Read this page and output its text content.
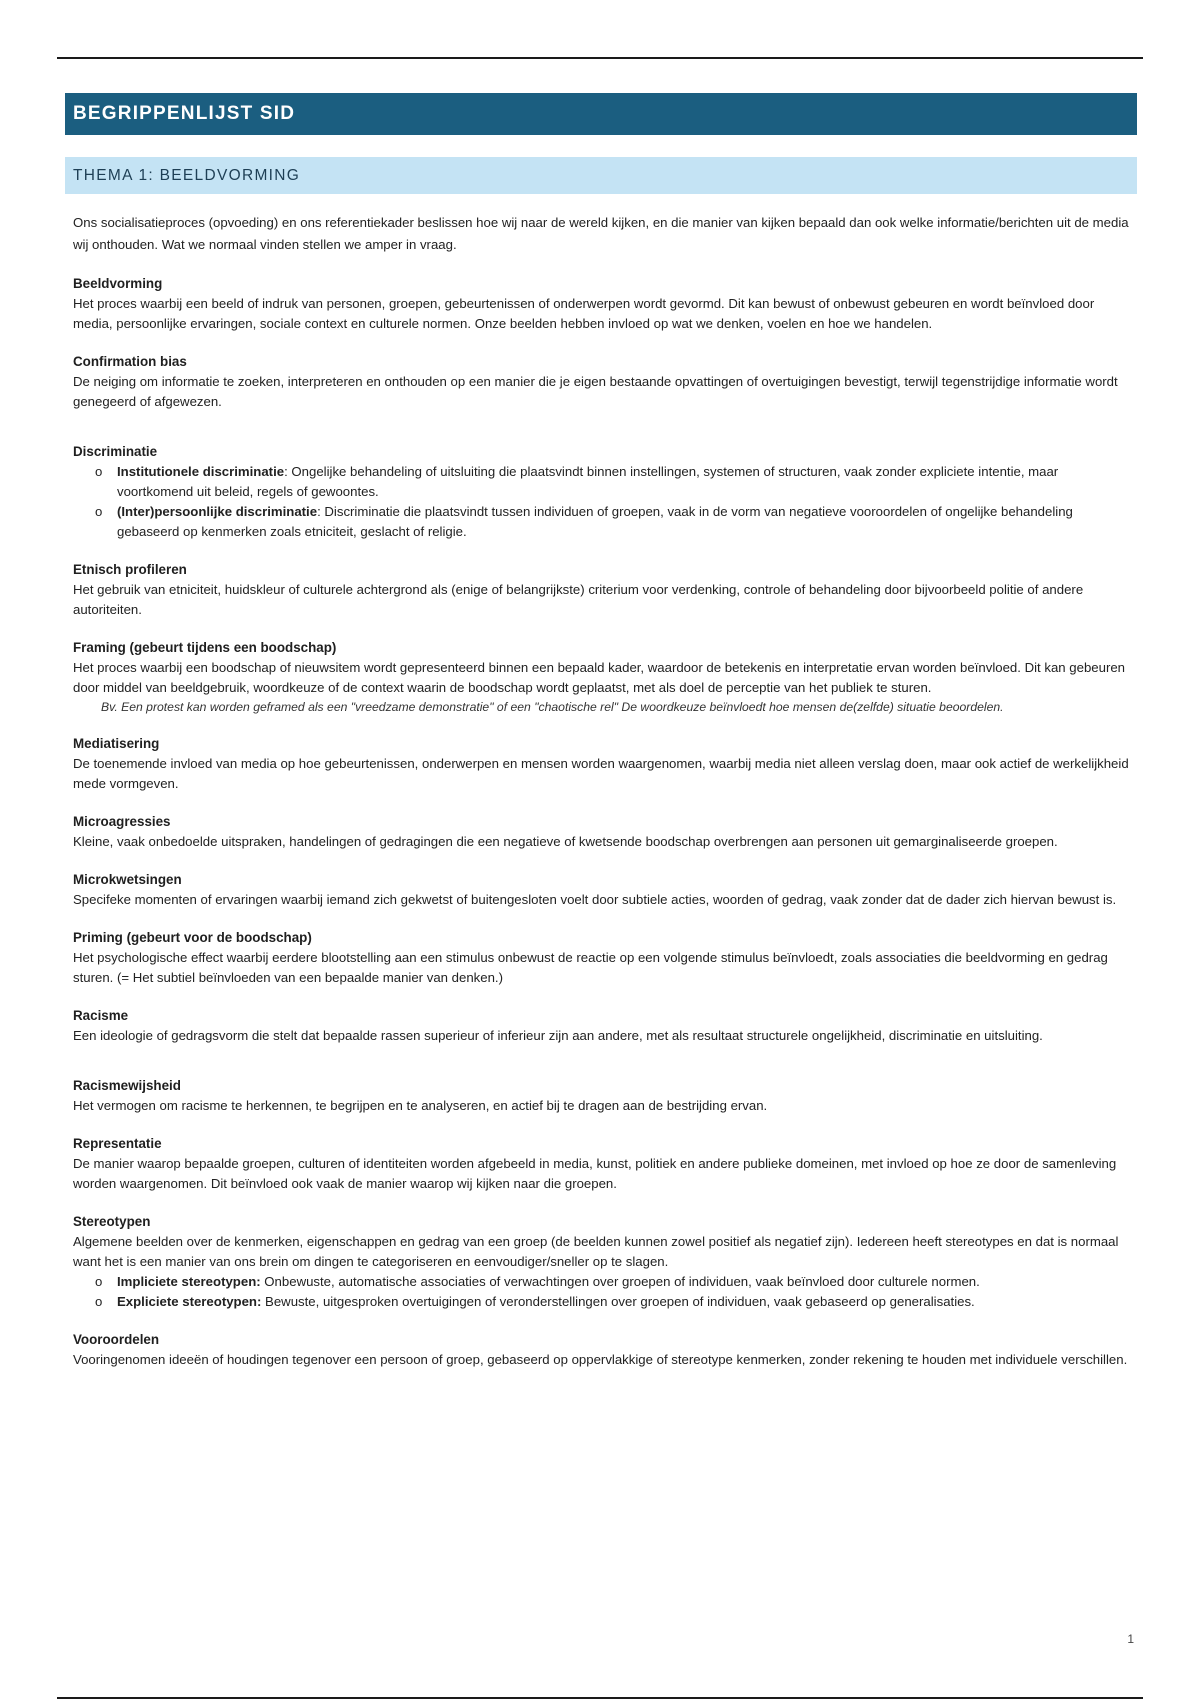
BEGRIPPENLIJST SID
THEMA 1: BEELDVORMING
Ons socialisatieproces (opvoeding) en ons referentiekader beslissen hoe wij naar de wereld kijken, en die manier van kijken bepaald dan ook welke informatie/berichten uit de media wij onthouden. Wat we normaal vinden stellen we amper in vraag.
Beeldvorming
Het proces waarbij een beeld of indruk van personen, groepen, gebeurtenissen of onderwerpen wordt gevormd. Dit kan bewust of onbewust gebeuren en wordt beïnvloed door media, persoonlijke ervaringen, sociale context en culturele normen. Onze beelden hebben invloed op wat we denken, voelen en hoe we handelen.
Confirmation bias
De neiging om informatie te zoeken, interpreteren en onthouden op een manier die je eigen bestaande opvattingen of overtuigingen bevestigt, terwijl tegenstrijdige informatie wordt genegeerd of afgewezen.
Discriminatie
o Institutionele discriminatie: Ongelijke behandeling of uitsluiting die plaatsvindt binnen instellingen, systemen of structuren, vaak zonder expliciete intentie, maar voortkomend uit beleid, regels of gewoontes.
o (Inter)persoonlijke discriminatie: Discriminatie die plaatsvindt tussen individuen of groepen, vaak in de vorm van negatieve vooroordelen of ongelijke behandeling gebaseerd op kenmerken zoals etniciteit, geslacht of religie.
Etnisch profileren
Het gebruik van etniciteit, huidskleur of culturele achtergrond als (enige of belangrijkste) criterium voor verdenking, controle of behandeling door bijvoorbeeld politie of andere autoriteiten.
Framing (gebeurt tijdens een boodschap)
Het proces waarbij een boodschap of nieuwsitem wordt gepresenteerd binnen een bepaald kader, waardoor de betekenis en interpretatie ervan worden beïnvloed. Dit kan gebeuren door middel van beeldgebruik, woordkeuze of de context waarin de boodschap wordt geplaatst, met als doel de perceptie van het publiek te sturen.
Bv. Een protest kan worden geframed als een "vreedzame demonstratie" of een "chaotische rel" De woordkeuze beïnvloedt hoe mensen de(zelfde) situatie beoordelen.
Mediatisering
De toenemende invloed van media op hoe gebeurtenissen, onderwerpen en mensen worden waargenomen, waarbij media niet alleen verslag doen, maar ook actief de werkelijkheid mede vormgeven.
Microagressies
Kleine, vaak onbedoelde uitspraken, handelingen of gedragingen die een negatieve of kwetsende boodschap overbrengen aan personen uit gemarginaliseerde groepen.
Microkwetsingen
Specifeke momenten of ervaringen waarbij iemand zich gekwetst of buitengesloten voelt door subtiele acties, woorden of gedrag, vaak zonder dat de dader zich hiervan bewust is.
Priming (gebeurt voor de boodschap)
Het psychologische effect waarbij eerdere blootstelling aan een stimulus onbewust de reactie op een volgende stimulus beïnvloedt, zoals associaties die beeldvorming en gedrag sturen. (= Het subtiel beïnvloeden van een bepaalde manier van denken.)
Racisme
Een ideologie of gedragsvorm die stelt dat bepaalde rassen superieur of inferieur zijn aan andere, met als resultaat structurele ongelijkheid, discriminatie en uitsluiting.
Racismewijsheid
Het vermogen om racisme te herkennen, te begrijpen en te analyseren, en actief bij te dragen aan de bestrijding ervan.
Representatie
De manier waarop bepaalde groepen, culturen of identiteiten worden afgebeeld in media, kunst, politiek en andere publieke domeinen, met invloed op hoe ze door de samenleving worden waargenomen. Dit beïnvloed ook vaak de manier waarop wij kijken naar die groepen.
Stereotypen
Algemene beelden over de kenmerken, eigenschappen en gedrag van een groep (de beelden kunnen zowel positief als negatief zijn). Iedereen heeft stereotypes en dat is normaal want het is een manier van ons brein om dingen te categoriseren en eenvoudiger/sneller op te slagen.
o Impliciete stereotypen: Onbewuste, automatische associaties of verwachtingen over groepen of individuen, vaak beïnvloed door culturele normen.
o Expliciete stereotypen: Bewuste, uitgesproken overtuigingen of veronderstellingen over groepen of individuen, vaak gebaseerd op generalisaties.
Vooroordelen
Vooringenomen ideeën of houdingen tegenover een persoon of groep, gebaseerd op oppervlakkige of stereotype kenmerken, zonder rekening te houden met individuele verschillen.
1
